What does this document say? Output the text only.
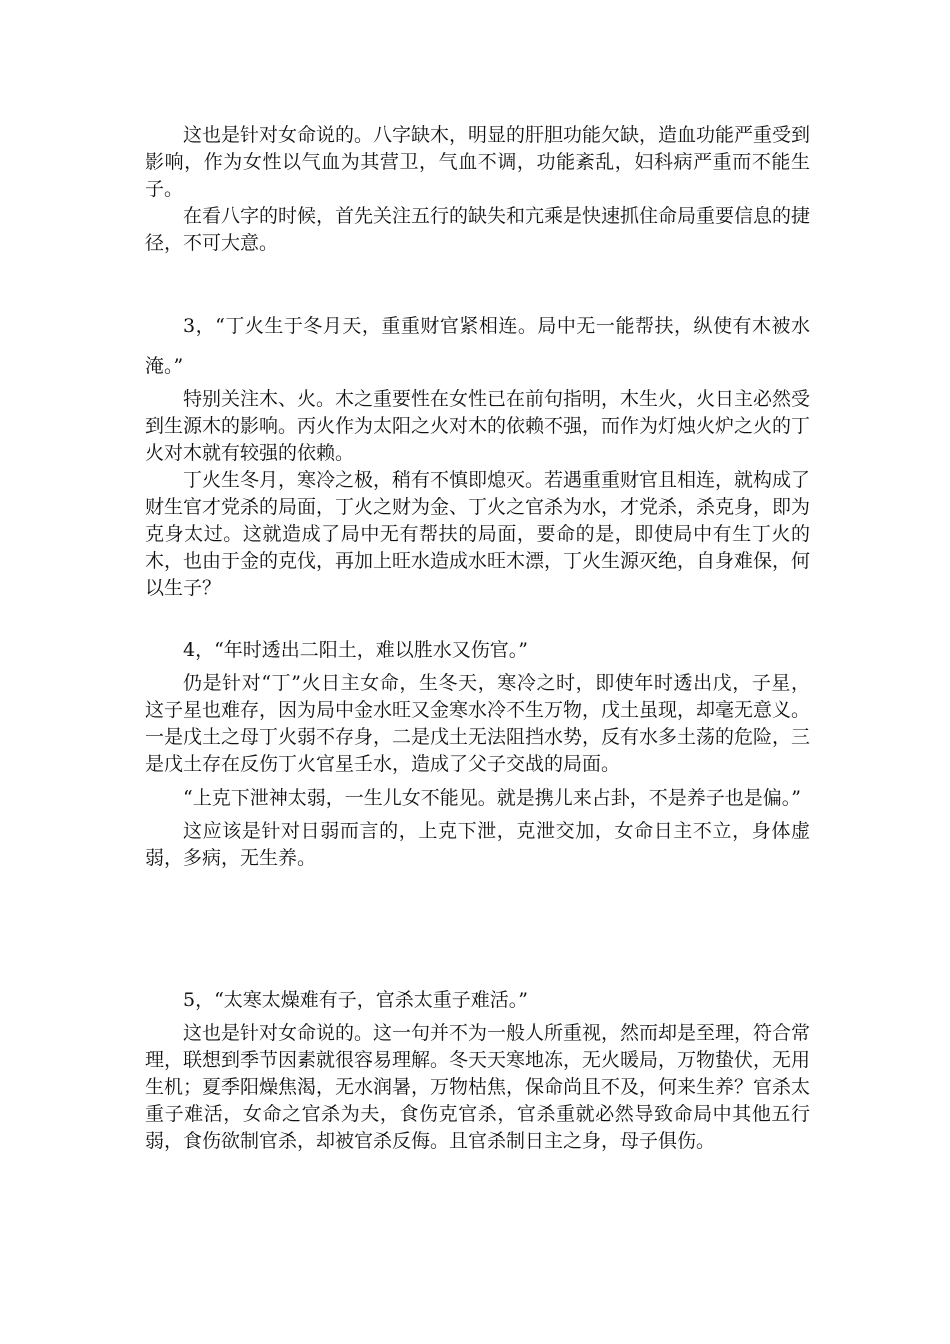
这也是针对女命说的。八字缺木，明显的肝胆功能欠缺，造血功能严重受到影响，作为女性以气血为其营卫，气血不调，功能紊乱，妇科病严重而不能生子。

在看八字的时候，首先关注五行的缺失和亢乘是快速抓住命局重要信息的捷径，不可大意。

3，“丁火生于冬月天，重重财官紧相连。局中无一能帮扶，纵使有木被水淹。”

特别关注木、火。木之重要性在女性已在前句指明，木生火，火日主必然受到生源木的影响。丙火作为太阳之火对木的依赖不强，而作为灯烛火炉之火的丁火对木就有较强的依赖。

丁火生冬月，寒冷之极，稍有不慎即熄灭。若遇重重财官且相连，就构成了财生官才党杀的局面，丁火之财为金、丁火之官杀为水，才党杀，杀克身，即为克身太过。这就造成了局中无有帮扶的局面，要命的是，即使局中有生丁火的木，也由于金的克伐，再加上旺水造成水旺木漂，丁火生源灭绝，自身难保，何以生子？

4，“年时透出二阳土，难以胜水又伤官。”

仍是针对“丁”火日主女命，生冬天，寒冷之时，即使年时透出戊，子星，这子星也难存，因为局中金水旺又金寒水冷不生万物，戊土虽现，却毫无意义。一是戊土之母丁火弱不存身，二是戊土无法阻挡水势，反有水多土荡的危险，三是戊土存在反伤丁火官星壬水，造成了父子交战的局面。

“上克下泄神太弱，一生儿女不能见。就是携儿来占卦，不是养子也是偏。”

这应该是针对日弱而言的，上克下泄，克泄交加，女命日主不立，身体虚弱，多病，无生养。

5，“太寒太燥难有子，官杀太重子难活。”

这也是针对女命说的。这一句并不为一般人所重视，然而却是至理，符合常理，联想到季节因素就很容易理解。冬天天寒地冻，无火暖局，万物蛰伏，无用生机；夏季阳燥焦渴，无水润暑，万物枯焦，保命尚且不及，何来生养？官杀太重子难活，女命之官杀为夫，食伤克官杀，官杀重就必然导致命局中其他五行弱，食伤欲制官杀，却被官杀反侮。且官杀制日主之身，母子俱伤。
